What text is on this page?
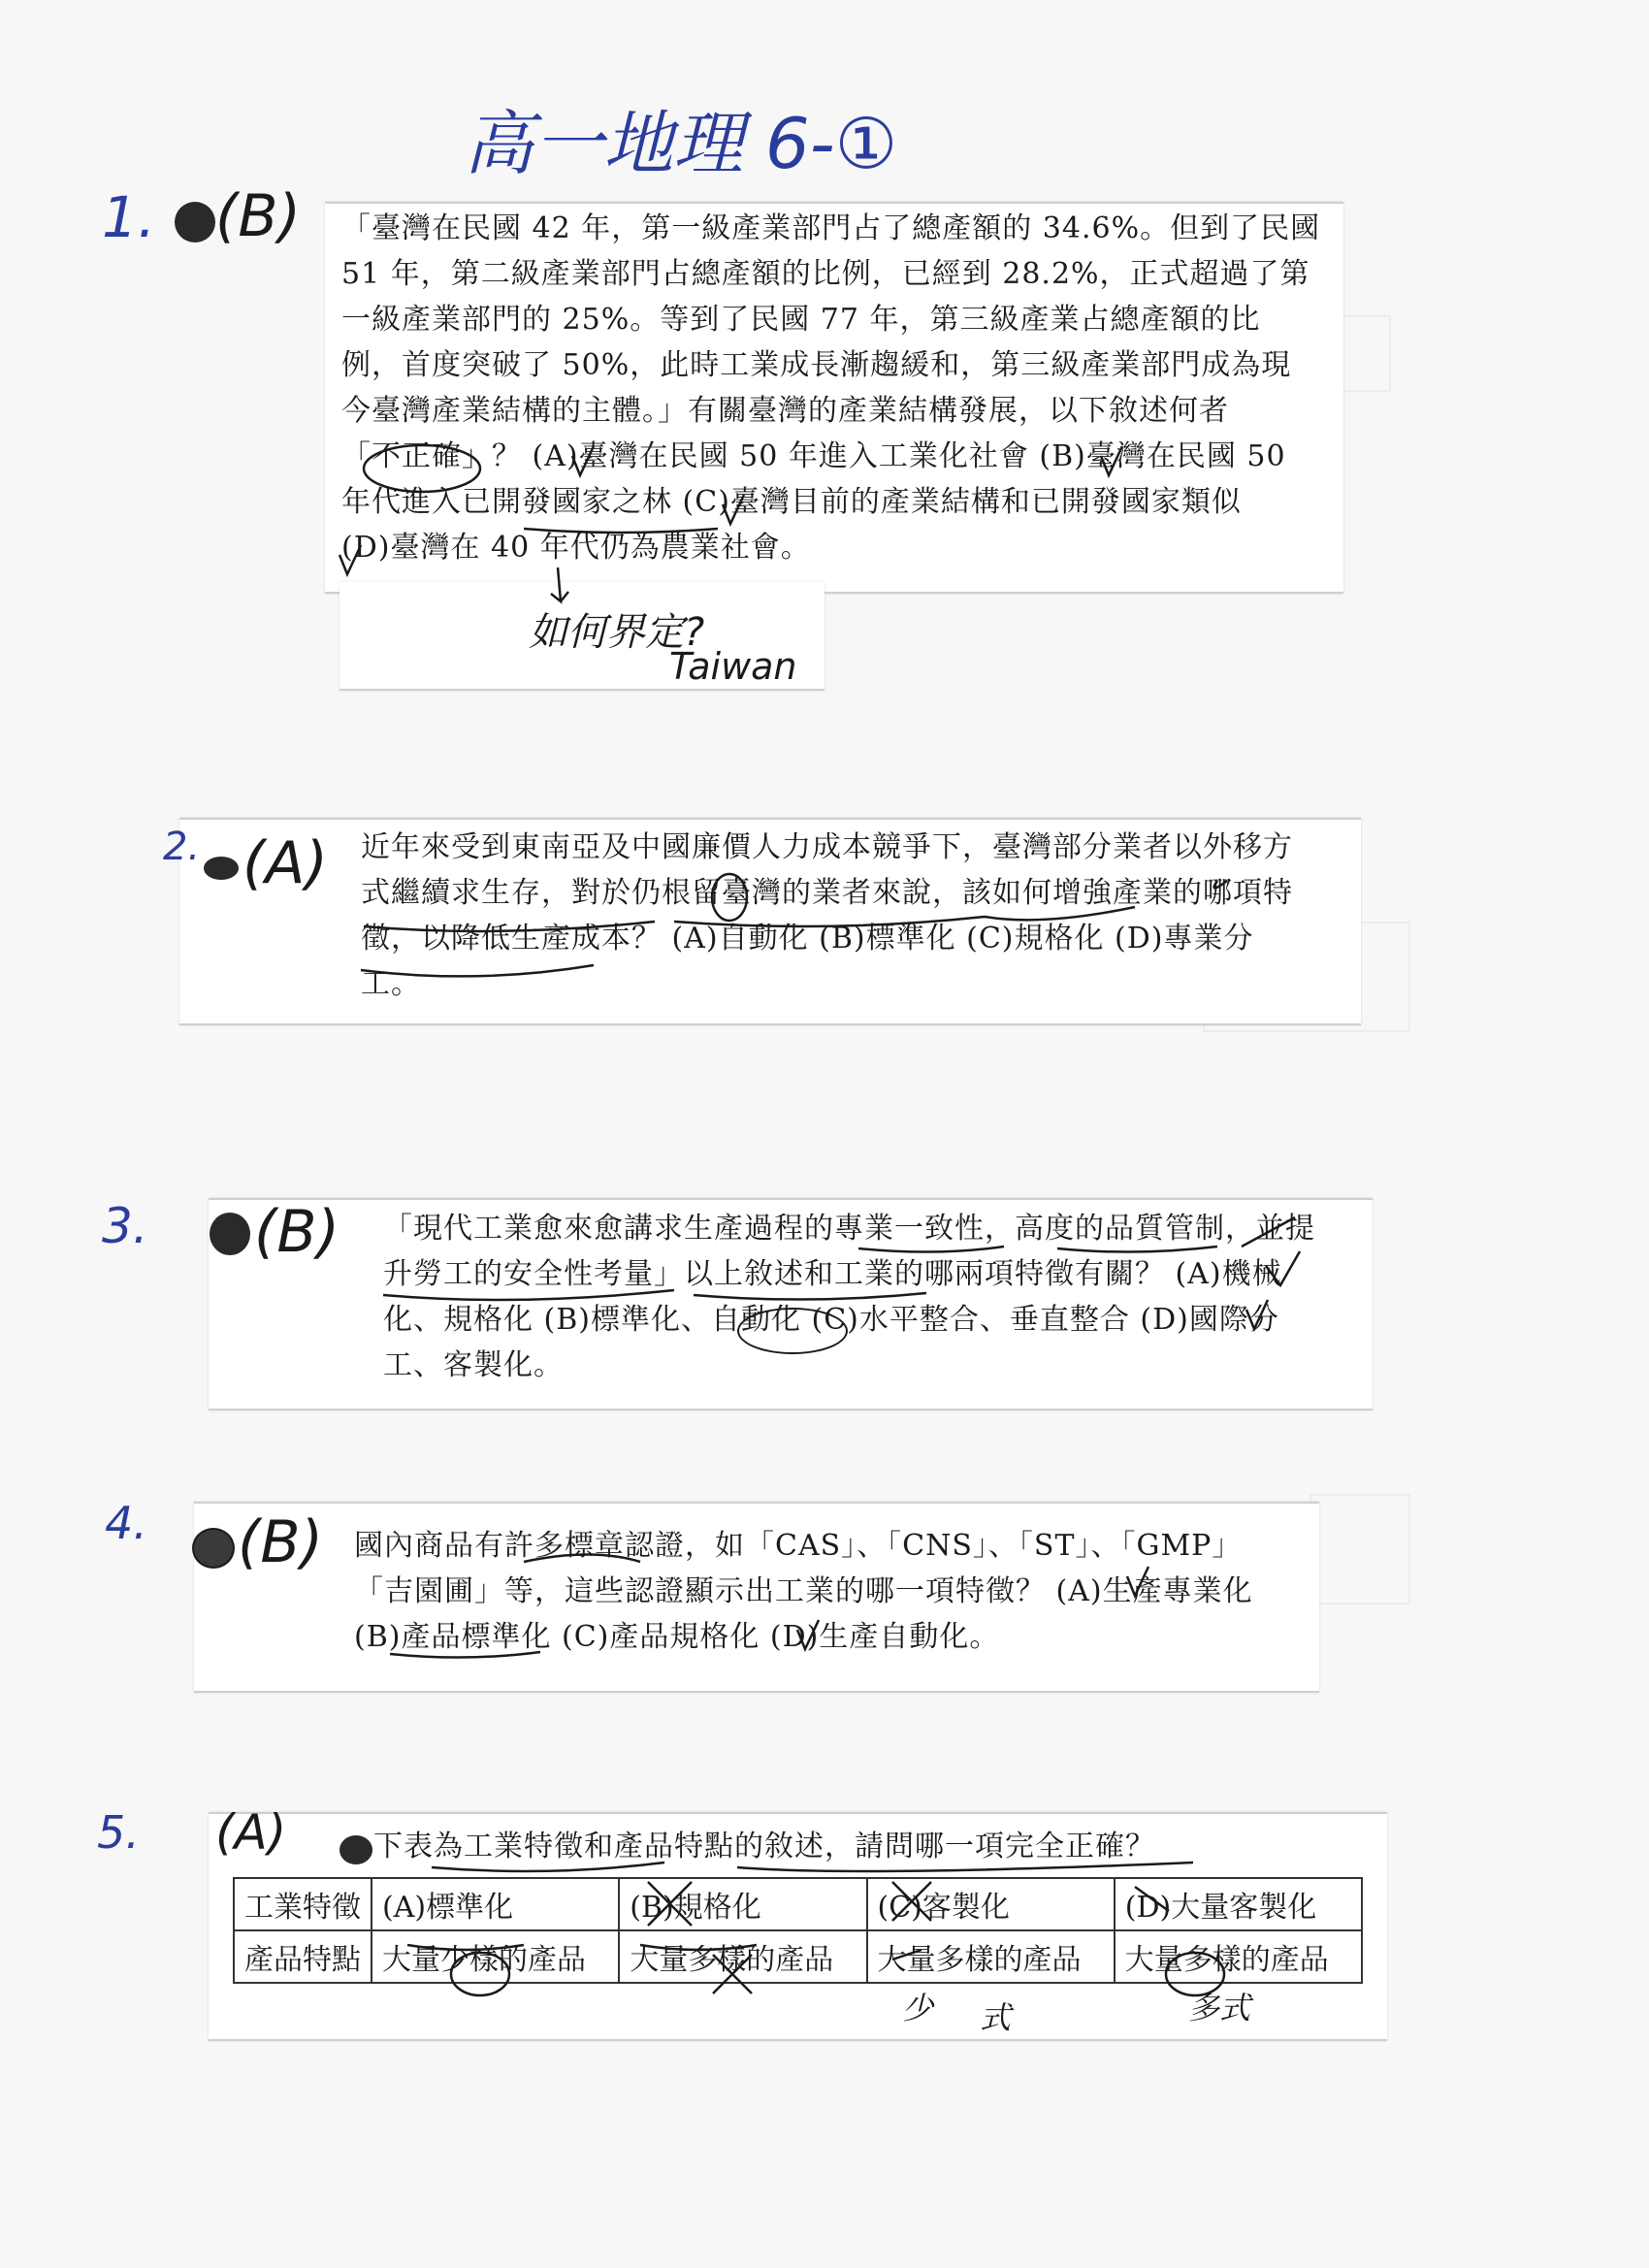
高一地理 6-①
1. (B) 「臺灣在民國 42 年，第一級產業部門占了總產額的 34.6%。但到了民國
51 年，第二級產業部門占總產額的比例，已經到 28.2%，正式超過了第
一級產業部門的 25%。等到了民國 77 年，第三級產業占總產額的比
例，首度突破了 50%，此時工業成長漸趨緩和，第三級產業部門成為現
今臺灣產業結構的主體。」有關臺灣的產業結構發展，以下敘述何者
「不正確」？ (A)臺灣在民國 50 年進入工業化社會 (B)臺灣在民國 50
年代進入已開發國家之林 (C)臺灣目前的產業結構和已開發國家類似
(D)臺灣在 40 年代仍為農業社會。
如何界定?
Taiwan
2. (A) 近年來受到東南亞及中國廉價人力成本競爭下，臺灣部分業者以外移方
式繼續求生存，對於仍根留臺灣的業者來說，該如何增強產業的哪項特
徵，以降低生產成本？ (A)自動化 (B)標準化 (C)規格化 (D)專業分
工。
3. (B) 「現代工業愈來愈講求生產過程的專業一致性，高度的品質管制，並提
升勞工的安全性考量」以上敘述和工業的哪兩項特徵有關？ (A)機械
化、規格化 (B)標準化、自動化 (C)水平整合、垂直整合 (D)國際分
工、客製化。
4. (B) 國內商品有許多標章認證，如「CAS」、「CNS」、「ST」、「GMP」
「吉園圃」等，這些認證顯示出工業的哪一項特徵？ (A)生產專業化
(B)產品標準化 (C)產品規格化 (D)生產自動化。
5. (A)	下表為工業特徵和產品特點的敘述，請問哪一項完全正確？
工業特徵	(A)標準化	(B)規格化	(C)客製化	(D)大量客製化
產品特點	大量少樣的產品	大量多樣的產品	大量多樣的產品	大量多樣的產品
少 式	多式
